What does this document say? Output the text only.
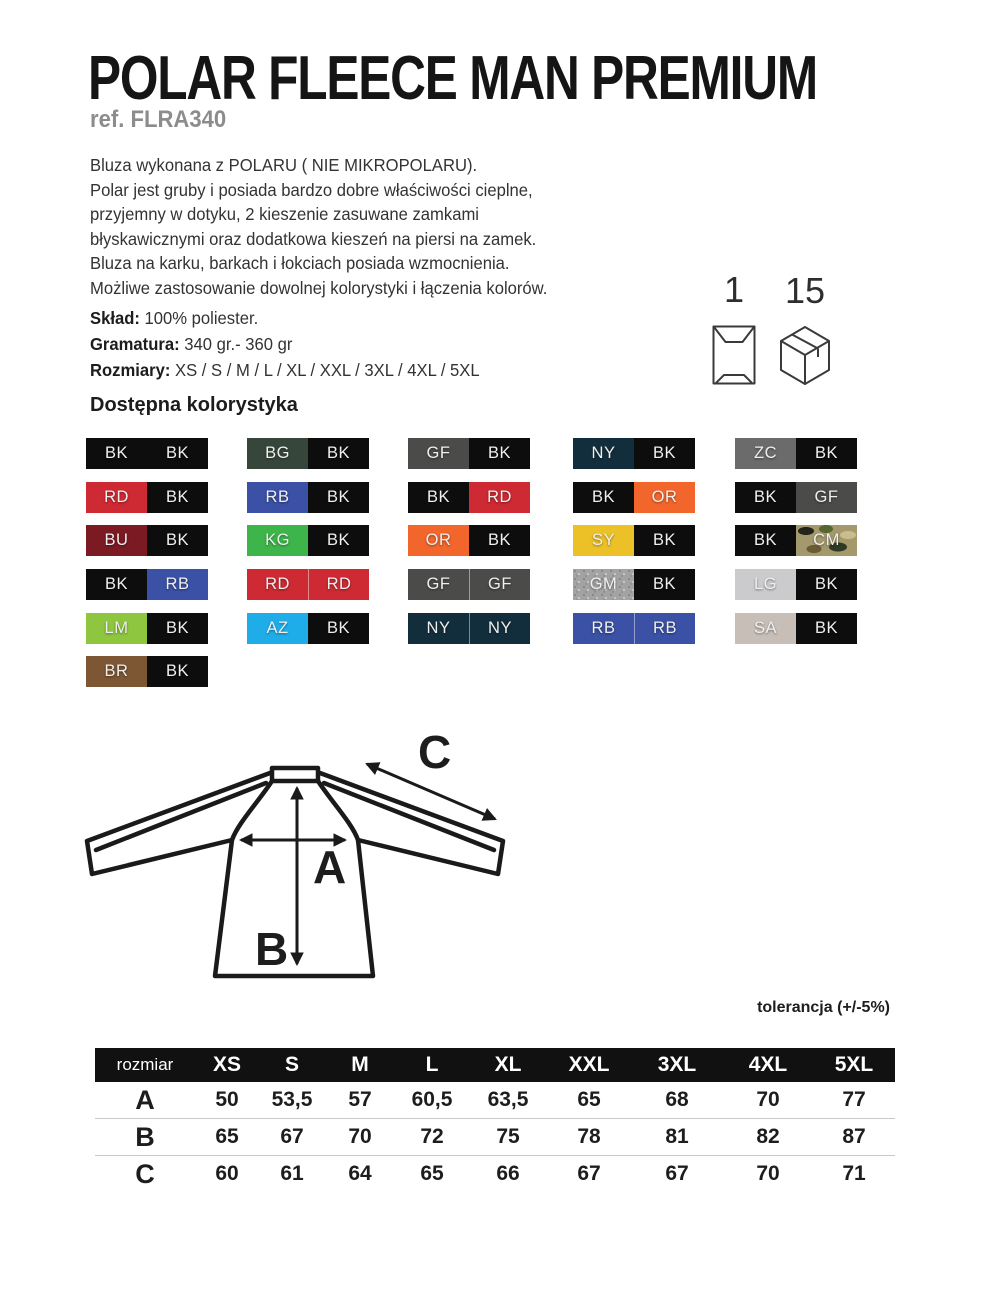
POLAR FLEECE MAN PREMIUM
ref. FLRA340

Bluza wykonana z POLARU ( NIE MIKROPOLARU).

Polar jest gruby i posiada bardzo dobre właściwości cieplne,

przyjemny w dotyku, 2 kieszenie zasuwane zamkami

błyskawicznymi oraz dodatkowa kieszeń na piersi na zamek.

Bluza na karku, barkach i łokciach posiada wzmocnienia.

Możliwe zastosowanie dowolnej kolorystyki i łączenia kolorów.

Skład: 100% poliester.
Gramatura: 340 gr.- 360 gr
Rozmiary: XS / S / M / L / XL / XXL / 3XL / 4XL / 5XL
1 15
Dostępna kolorystyka
BK BK
RD BK
BU BK
BK RB
LM BK
BR BK
BG BK
RB BK
KG BK
RD RD
AZ BK
GF BK
BK RD
OR BK
GF GF
NY NY
NY BK
BK OR
SY BK
GM BK
RB RB
ZC BK
BK GF
BK CM
LG BK
SA BK
A
B
C
tolerancja (+/-5%)
rozmiar	XS	S	M	L	XL	XXL	3XL	4XL	5XL
A	50	53,5	57	60,5	63,5	65	68	70	77
B	65	67	70	72	75	78	81	82	87
C	60	61	64	65	66	67	67	70	71
